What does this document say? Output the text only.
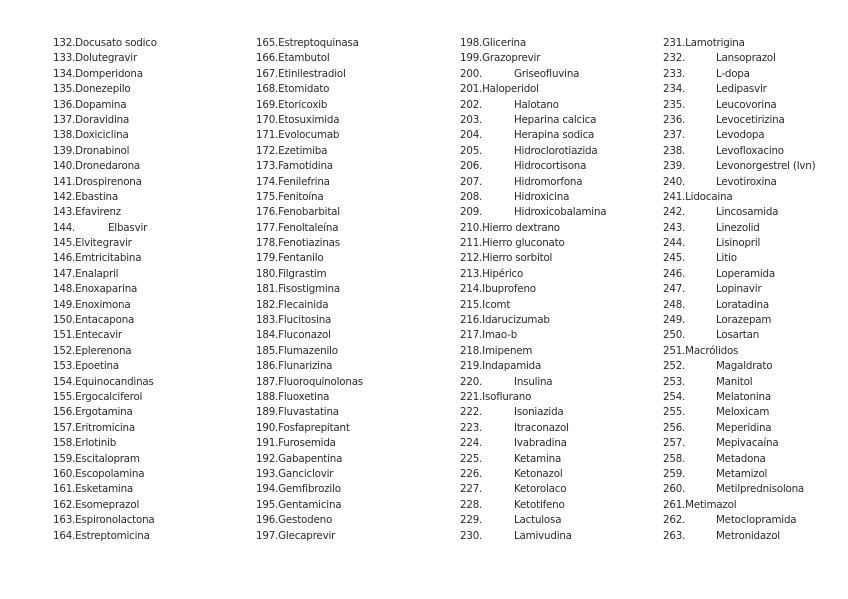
132.Docusato sodico
133.Dolutegravir
134.Domperidona
135.Donezepilo
136.Dopamina
137.Doravidina
138.Doxiciclina
139.Dronabinol
140.Dronedarona
141.Drospirenona
142.Ebastina
143.Efavirenz
144.	Elbasvir
145.Elvitegravir
146.Emtricitabina
147.Enalapril
148.Enoxaparina
149.Enoximona
150.Entacapona
151.Entecavir
152.Eplerenona
153.Epoetina
154.Equinocandinas
155.Ergocalciferol
156.Ergotamina
157.Eritromicina
158.Erlotinib
159.Escitalopram
160.Escopolamina
161.Esketamina
162.Esomeprazol
163.Espironolactona
164.Estreptomicina
165.Estreptoquinasa
166.Etambutol
167.Etinilestradiol
168.Etomidato
169.Etoricoxib
170.Etosuximida
171.Evolocumab
172.Ezetimiba
173.Famotidina
174.Fenilefrina
175.Fenitoína
176.Fenobarbital
177.Fenoltaleína
178.Fenotiazinas
179.Fentanilo
180.Filgrastim
181.Fisostigmina
182.Flecainida
183.Flucitosina
184.Fluconazol
185.Flumazenilo
186.Flunarizina
187.Fluoroquinolonas
188.Fluoxetina
189.Fluvastatina
190.Fosfaprepitant
191.Furosemida
192.Gabapentina
193.Ganciclovir
194.Gemfibrozilo
195.Gentamicina
196.Gestodeno
197.Glecaprevir
198.Glicerina
199.Grazoprevir
200.	Griseofluvina
201.Haloperidol
202.	Halotano
203.	Heparina calcica
204.	Herapina sodica
205.	Hidroclorotiazida
206.	Hidrocortisona
207.	Hidromorfona
208.	Hidroxicina
209.	Hidroxicobalamina
210.Hierro dextrano
211.Hierro gluconato
212.Hierro sorbitol
213.Hipérico
214.Ibuprofeno
215.Icomt
216.Idarucizumab
217.Imao-b
218.Imipenem
219.Indapamida
220.	Insulina
221.Isoflurano
222.	Isoniazida
223.	Itraconazol
224.	Ivabradina
225.	Ketamina
226.	Ketonazol
227.	Ketorolaco
228.	Ketotifeno
229.	Lactulosa
230.	Lamivudina
231.Lamotrigina
232.	Lansoprazol
233.	L-dopa
234.	Ledipasvir
235.	Leucovorina
236.	Levocetirizina
237.	Levodopa
238.	Levofloxacino
239.	Levonorgestrel (lvn)
240.	Levotiroxina
241.Lidocaina
242.	Lincosamida
243.	Linezolid
244.	Lisinopril
245.	Litio
246.	Loperamida
247.	Lopinavir
248.	Loratadina
249.	Lorazepam
250.	Losartan
251.Macrólidos
252.	Magaldrato
253.	Manitol
254.	Melatonina
255.	Meloxicam
256.	Meperidina
257.	Mepivacaína
258.	Metadona
259.	Metamizol
260.	Metilprednisolona
261.Metimazol
262.	Metoclopramida
263.	Metronidazol
